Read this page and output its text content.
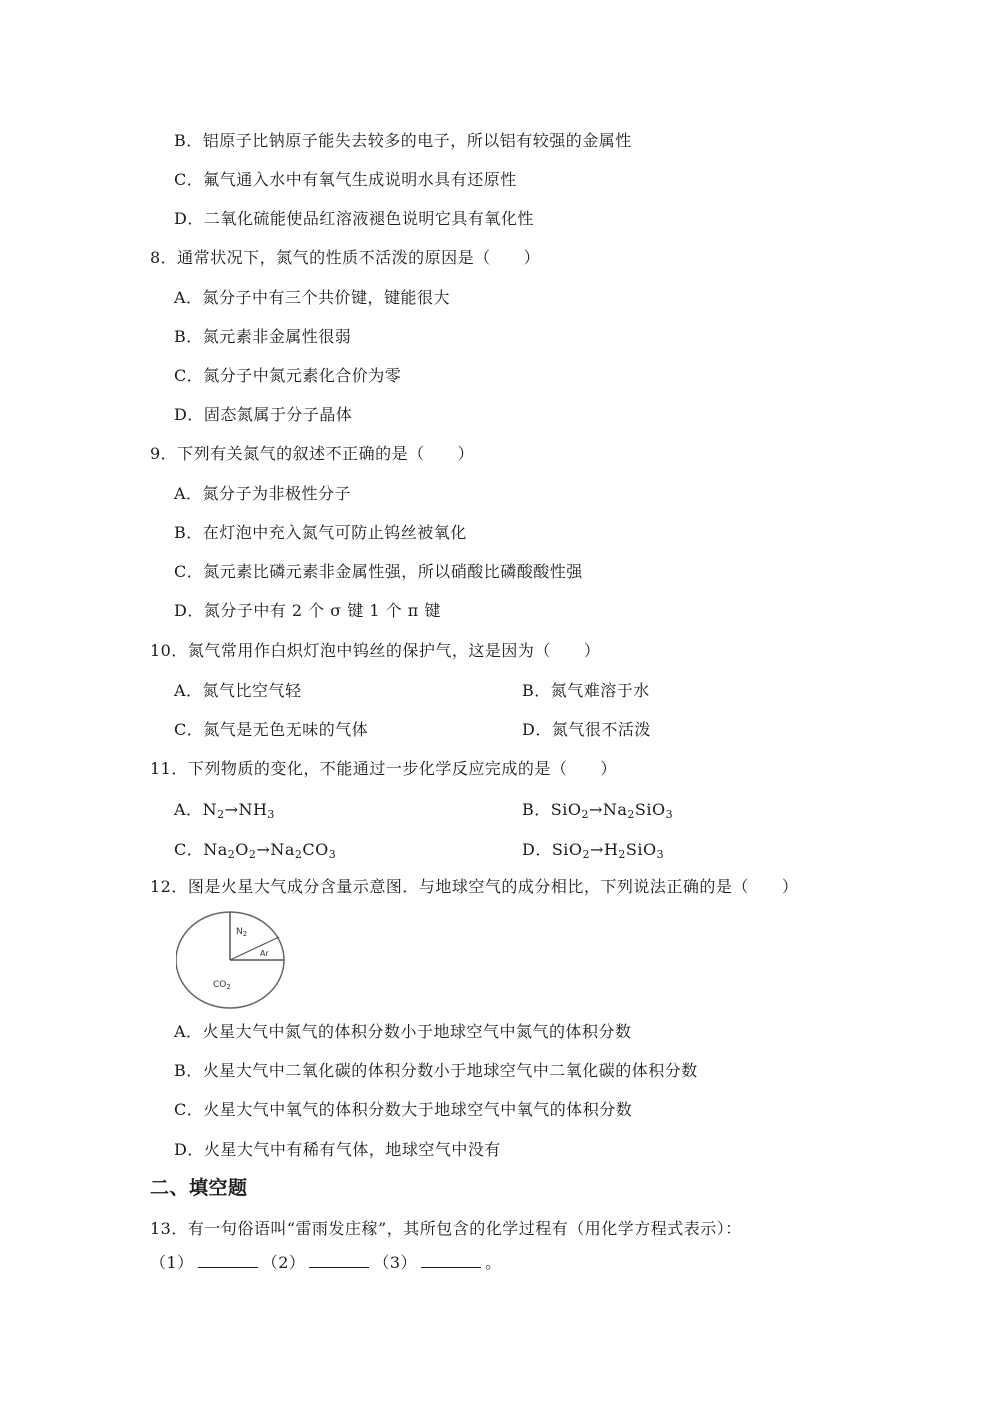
B．铝原子比钠原子能失去较多的电子，所以铝有较强的金属性
C．氟气通入水中有氧气生成说明水具有还原性
D．二氧化硫能使品红溶液褪色说明它具有氧化性
8．通常状况下，氮气的性质不活泼的原因是（　　）
A．氮分子中有三个共价键，键能很大
B．氮元素非金属性很弱
C．氮分子中氮元素化合价为零
D．固态氮属于分子晶体
9．下列有关氮气的叙述不正确的是（　　）
A．氮分子为非极性分子
B．在灯泡中充入氮气可防止钨丝被氧化
C．氮元素比磷元素非金属性强，所以硝酸比磷酸酸性强
D．氮分子中有 2 个 σ 键 1 个 π 键
10．氮气常用作白炽灯泡中钨丝的保护气，这是因为（　　）
A．氮气比空气轻	B．氮气难溶于水
C．氮气是无色无味的气体	D．氮气很不活泼
11．下列物质的变化，不能通过一步化学反应完成的是（　　）
A．$N_2\to NH_3$	B．$SiO_2\to Na_2SiO_3$
C．$Na_2O_2\to Na_2CO_3$	D．$SiO_2\to H_2SiO_3$
12．图是火星大气成分含量示意图．与地球空气的成分相比，下列说法正确的是（　　）
$N_2$
Ar
$CO_2$
A．火星大气中氮气的体积分数小于地球空气中氮气的体积分数
B．火星大气中二氧化碳的体积分数小于地球空气中二氧化碳的体积分数
C．火星大气中氧气的体积分数大于地球空气中氧气的体积分数
D．火星大气中有稀有气体，地球空气中没有
二、填空题
13．有一句俗语叫“雷雨发庄稼”，其所包含的化学过程有（用化学方程式表示）：
（1）	（2）	（3）	。
